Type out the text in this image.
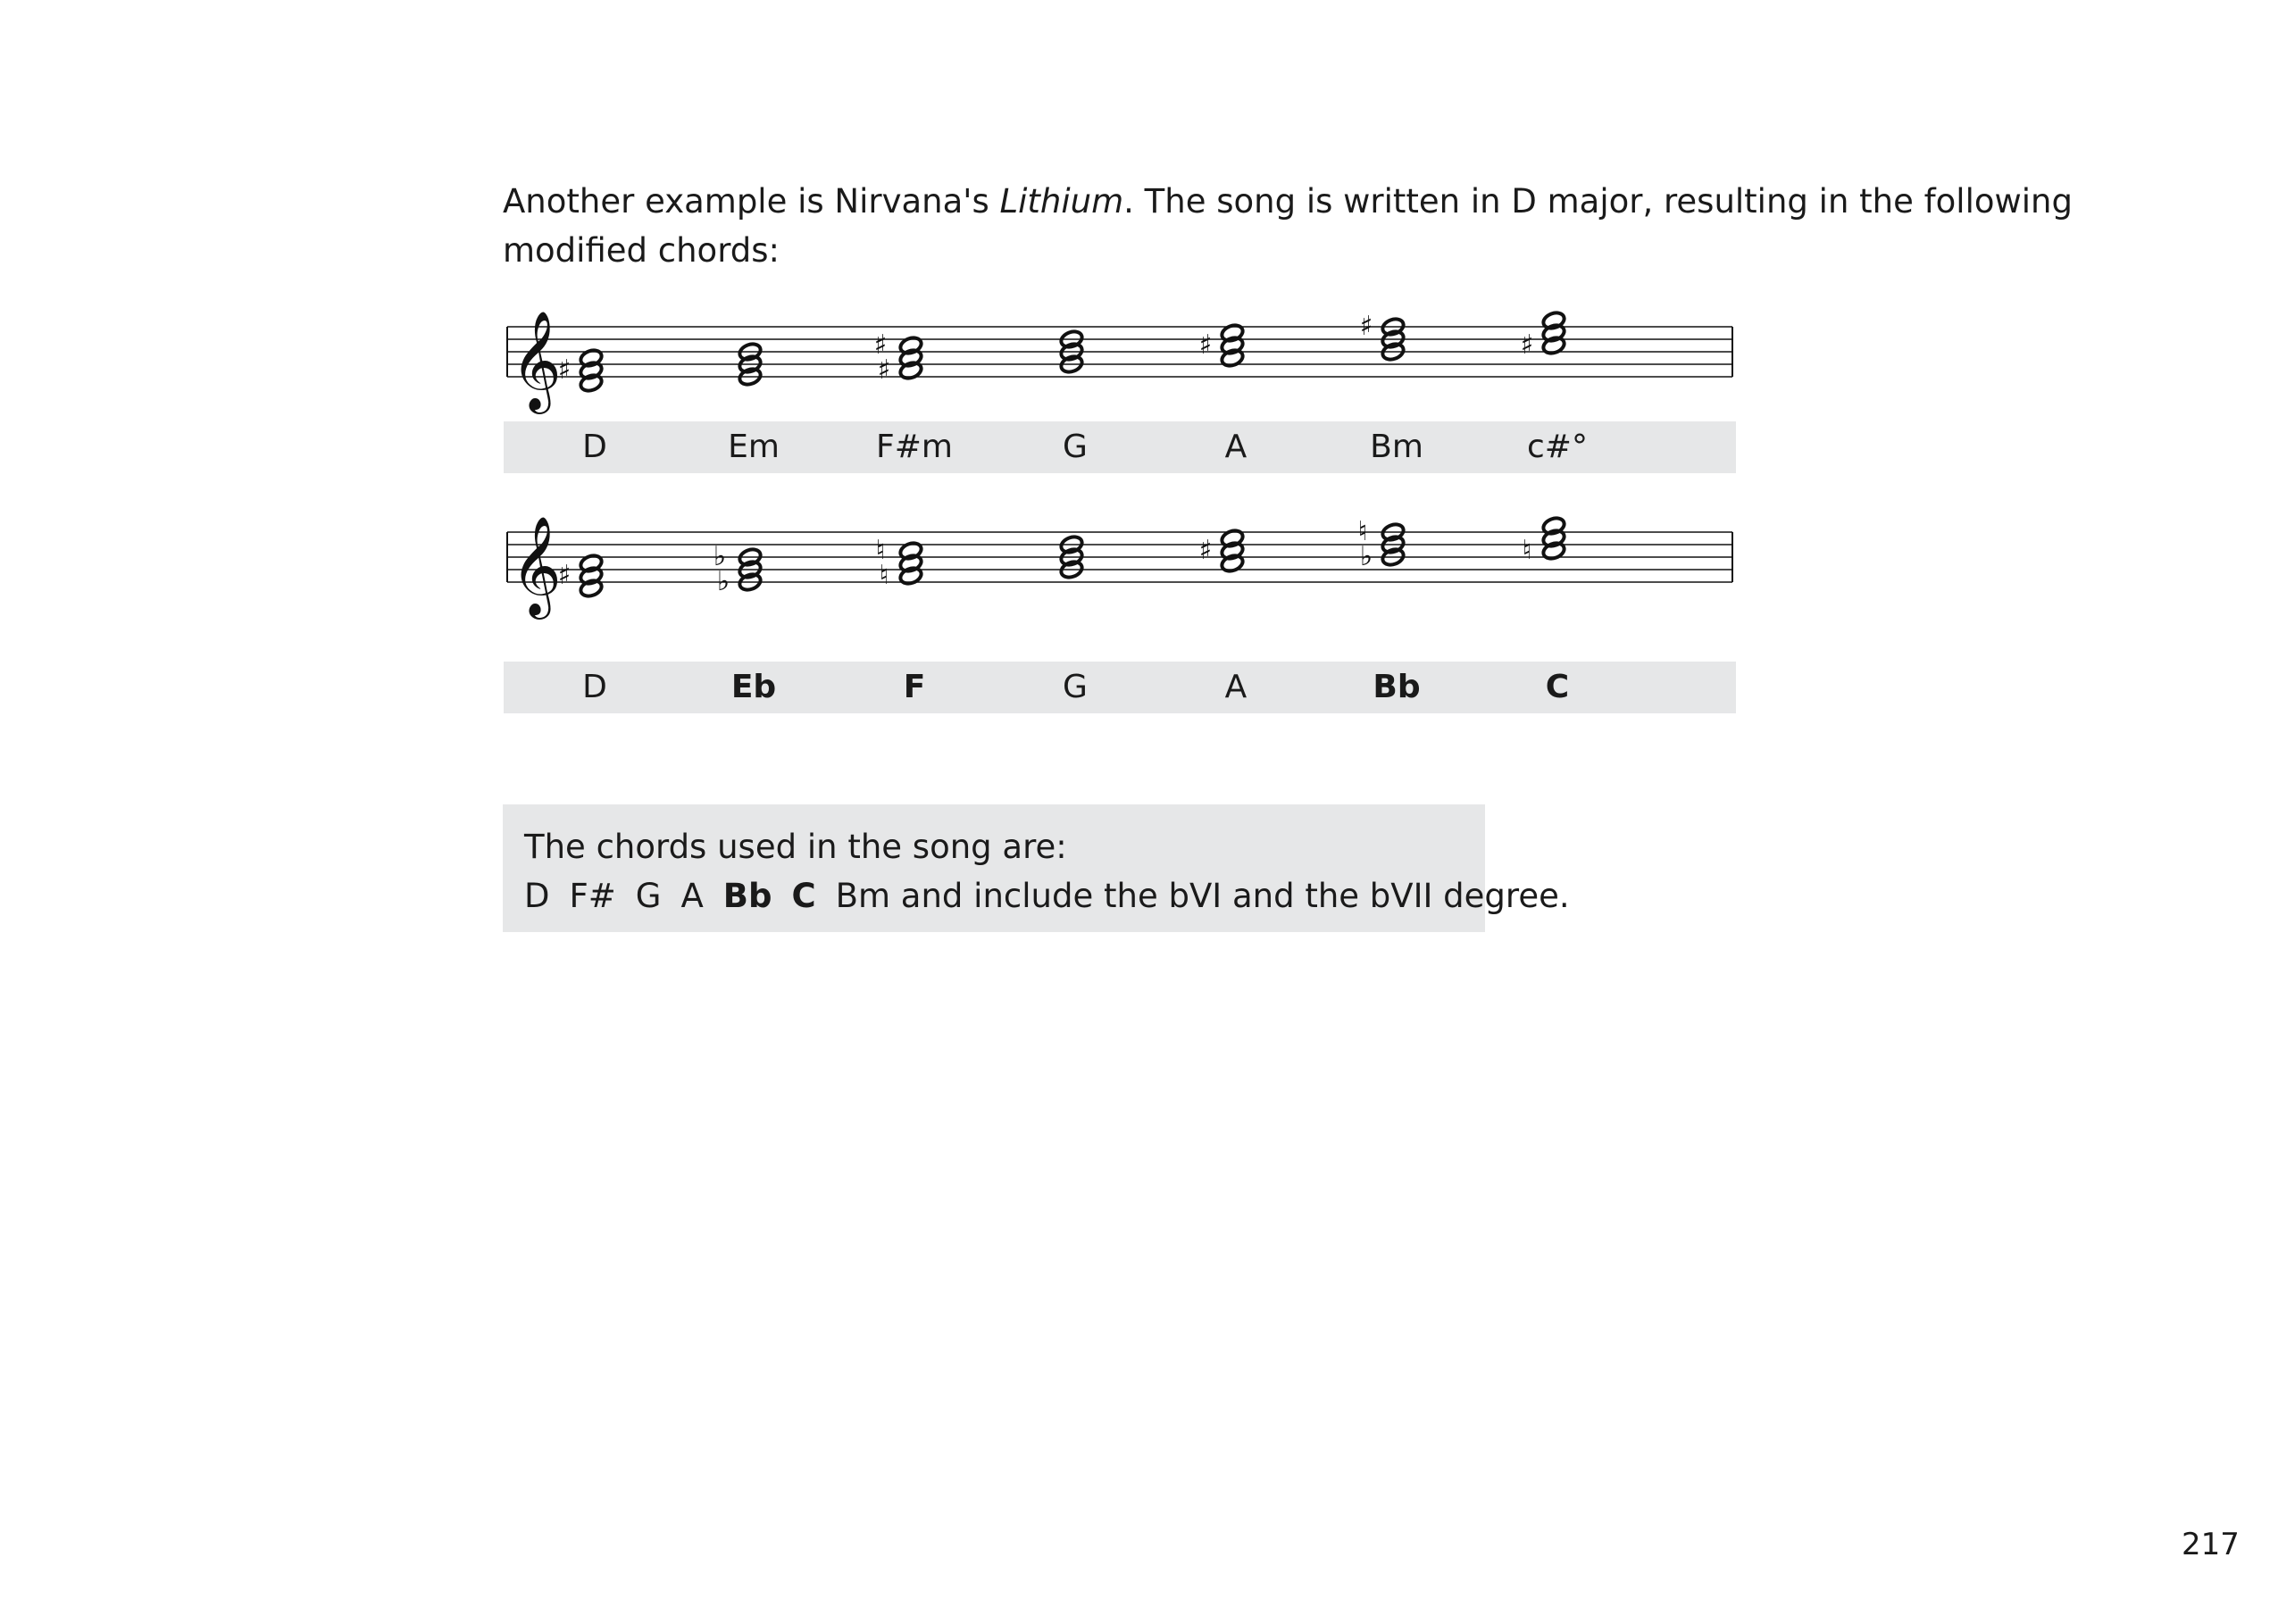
Another example is Nirvana's Lithium. The song is written in D major, resulting in the following modified chords:

𝄞
♯	♯
♯	♯
♯
♯
𝄞
♯	♭
♭
♮
♮	♯	♭
♮
♮
D	Em	F#m	G	A	Bm	c#°
D	Eb	F	G	A	Bb	C
The chords used in the song are:
D F# G A Bb C Bm and include the bVI and the bVII degree.
217
